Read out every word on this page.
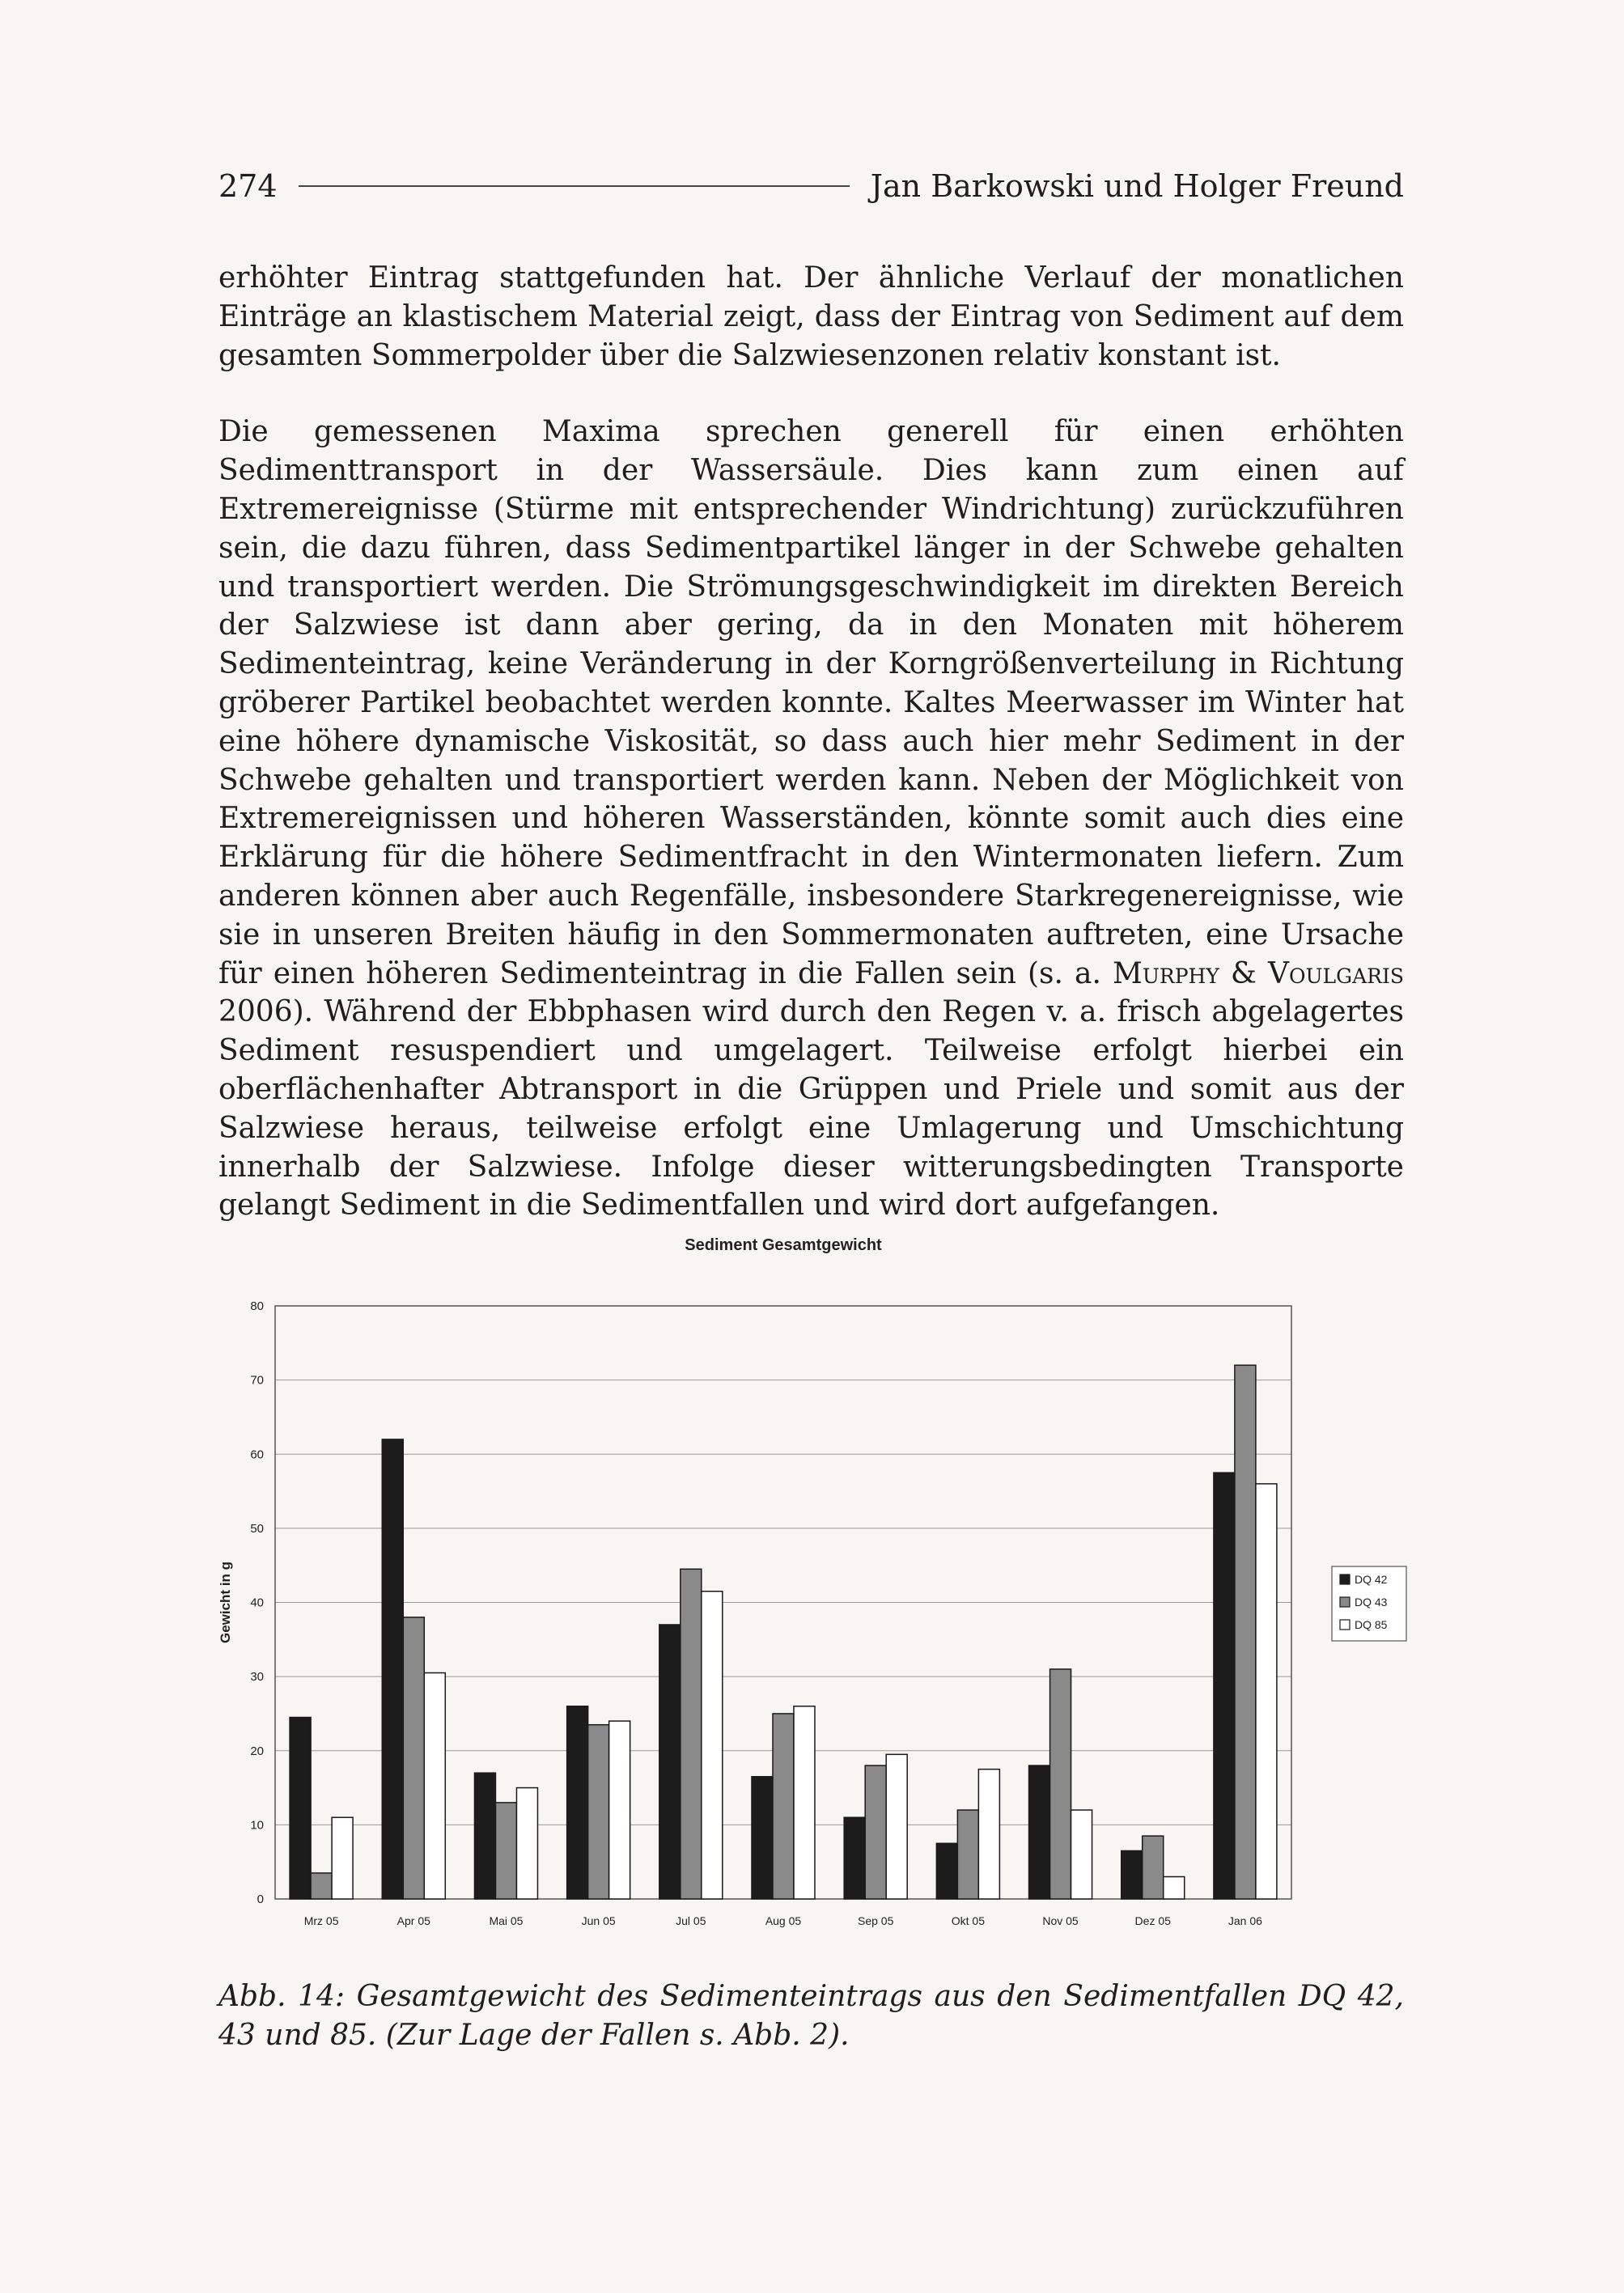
274	Jan Barkowski und Holger Freund

erhöhter Eintrag stattgefunden hat. Der ähnliche Verlauf der monatlichen Einträge an klastischem Material zeigt, dass der Eintrag von Sediment auf dem gesamten Sommerpolder über die Salzwiesenzonen relativ konstant ist.

Die gemessenen Maxima sprechen generell für einen erhöhten Sedimenttransport in der Wassersäule. Dies kann zum einen auf Extremereignisse (Stürme mit entsprechender Windrichtung) zurückzuführen sein, die dazu führen, dass Sedimentpartikel länger in der Schwebe gehalten und transportiert werden. Die Strömungsgeschwindigkeit im direkten Bereich der Salzwiese ist dann aber gering, da in den Monaten mit höherem Sedimenteintrag, keine Veränderung in der Korngrößenverteilung in Richtung gröberer Partikel beobachtet werden konnte. Kaltes Meerwasser im Winter hat eine höhere dynamische Viskosität, so dass auch hier mehr Sediment in der Schwebe gehalten und transportiert werden kann. Neben der Möglichkeit von Extremereignissen und höheren Wasserständen, könnte somit auch dies eine Erklärung für die höhere Sedimentfracht in den Wintermonaten liefern. Zum anderen können aber auch Regenfälle, insbesondere Starkregenereignisse, wie sie in unseren Breiten häufig in den Sommermonaten auftreten, eine Ursache für einen höheren Sedimenteintrag in die Fallen sein (s. a. Murphy & Voulgaris 2006). Während der Ebbphasen wird durch den Regen v. a. frisch abgelagertes Sediment resuspendiert und umgelagert. Teilweise erfolgt hierbei ein oberflächenhafter Abtransport in die Grüppen und Priele und somit aus der Salzwiese heraus, teilweise erfolgt eine Umlagerung und Umschichtung innerhalb der Salzwiese. Infolge dieser witterungsbedingten Transporte gelangt Sediment in die Sedimentfallen und wird dort aufgefangen.

Sediment Gesamtgewicht
0
10
20
30
40
50
60
70
80
Gewicht in g
Mrz 05	Apr 05	Mai 05	Jun 05	Jul 05	Aug 05	Sep 05	Okt 05	Nov 05	Dez 05	Jan 06
DQ 42
DQ 43
DQ 85
Abb. 14: Gesamtgewicht des Sedimenteintrags aus den Sedimentfallen DQ 42, 43 und 85. (Zur Lage der Fallen s. Abb. 2).
